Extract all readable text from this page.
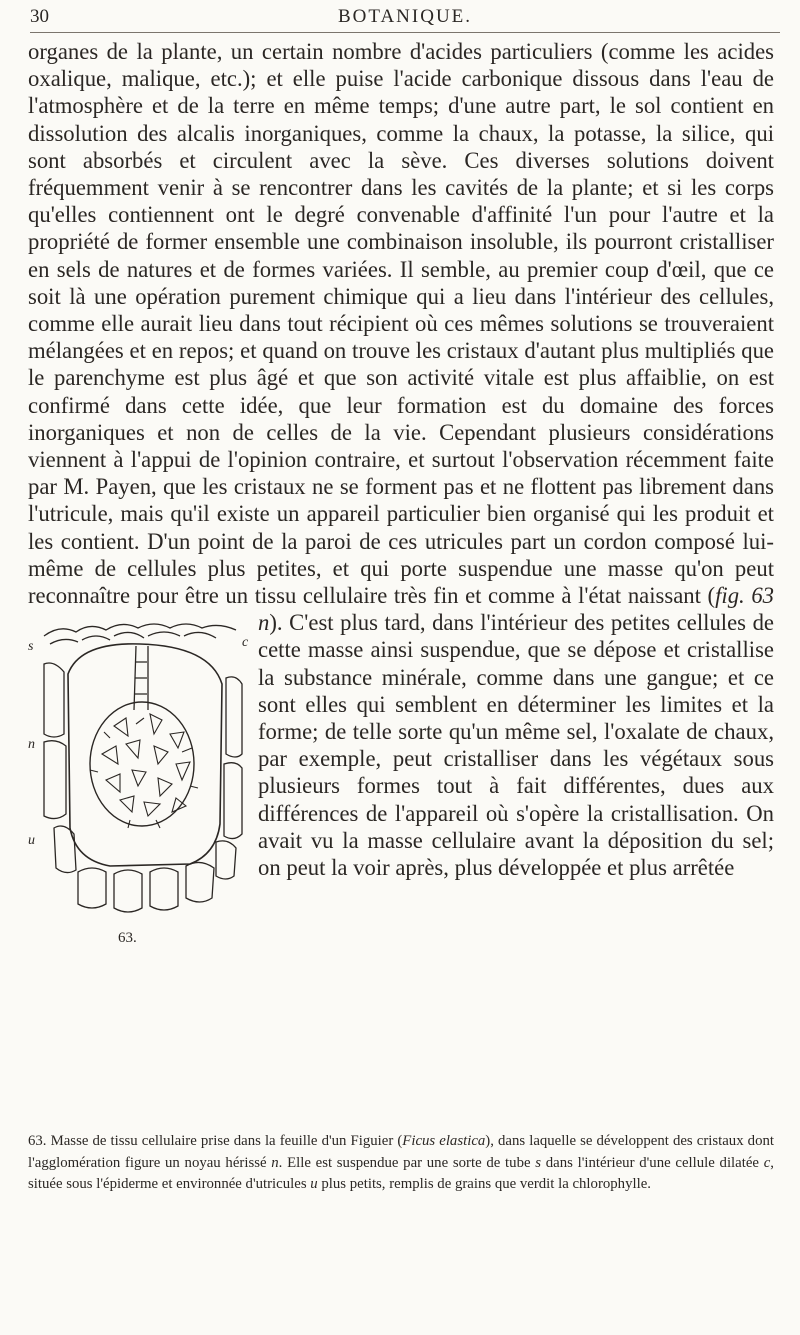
30	BOTANIQUE.

organes de la plante, un certain nombre d'acides particuliers (comme les acides oxalique, malique, etc.); et elle puise l'acide carbonique dissous dans l'eau de l'atmosphère et de la terre en même temps; d'une autre part, le sol contient en dissolution des alcalis inorganiques, comme la chaux, la potasse, la silice, qui sont absorbés et circulent avec la sève. Ces diverses solutions doivent fréquemment venir à se rencontrer dans les cavités de la plante; et si les corps qu'elles contiennent ont le degré convenable d'affinité l'un pour l'autre et la propriété de former ensemble une combinaison insoluble, ils pourront cristalliser en sels de natures et de formes variées. Il semble, au premier coup d'œil, que ce soit là une opération purement chimique qui a lieu dans l'intérieur des cellules, comme elle aurait lieu dans tout récipient où ces mêmes solutions se trouveraient mélangées et en repos; et quand on trouve les cristaux d'autant plus multipliés que le parenchyme est plus âgé et que son activité vitale est plus affaiblie, on est confirmé dans cette idée, que leur formation est du domaine des forces inorganiques et non de celles de la vie. Cependant plusieurs considérations viennent à l'appui de l'opinion contraire, et surtout l'observation récemment faite par M. Payen, que les cristaux ne se forment pas et ne flottent pas librement dans l'utricule, mais qu'il existe un appareil particulier bien organisé qui les produit et les contient. D'un point de la paroi de ces utricules part un cordon composé lui-même de cellules plus petites, et qui porte suspendue une masse qu'on peut reconnaître pour être un tissu cellulaire très fin et comme à l'état naissant (fig. 63 n). C'est plus tard, dans l'intérieur des petites
s	c
n
u
63.
cellules de cette masse ainsi suspendue, que se dépose et cristallise la substance minérale, comme dans une gangue; et ce sont elles qui semblent en déterminer les limites et la forme; de telle sorte qu'un même sel, l'oxalate de chaux, par exemple, peut cristalliser dans les végétaux sous plusieurs formes tout à fait différentes, dues aux différences de l'appareil où s'opère la cristallisation. On avait vu la masse cellulaire avant la déposition du sel; on peut la voir après, plus développée et plus arrêtée

63. Masse de tissu cellulaire prise dans la feuille d'un Figuier (Ficus elastica), dans laquelle se développent des cristaux dont l'agglomération figure un noyau hérissé n. Elle est suspendue par une sorte de tube s dans l'intérieur d'une cellule dilatée c, située sous l'épiderme et environnée d'utricules u plus petits, remplis de grains que verdit la chlorophylle.
